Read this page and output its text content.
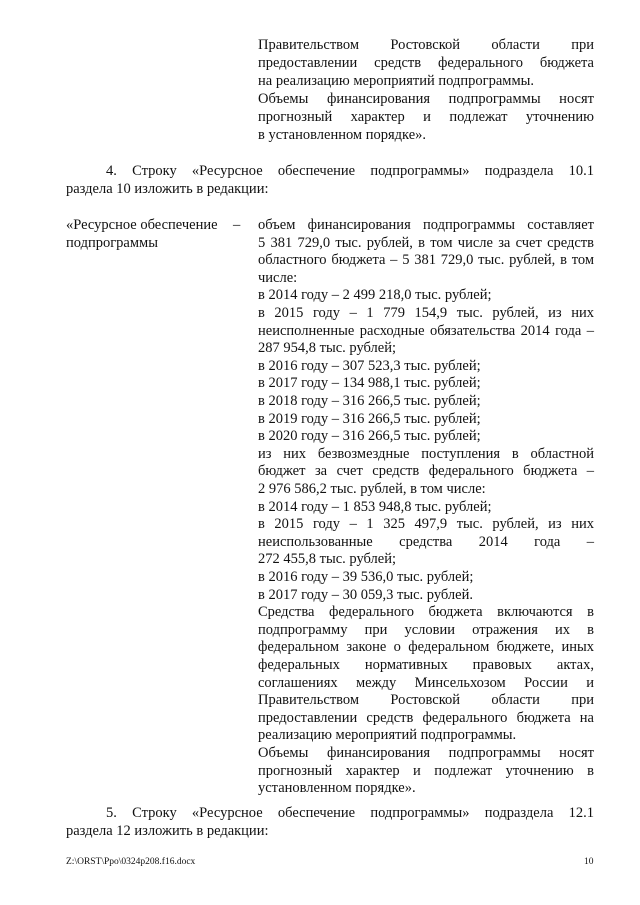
Правительством Ростовской области при
предоставлении средств федерального бюджета
на реализацию мероприятий подпрограммы.
Объемы финансирования подпрограммы носят
прогнозный характер и подлежат уточнению
в установленном порядке».
4. Строку «Ресурсное обеспечение подпрограммы» подраздела 10.1
раздела 10 изложить в редакции:
«Ресурсное обеспечение –
подпрограммы
объем финансирования подпрограммы составляет
5 381 729,0 тыс. рублей, в том числе за счет средств
областного бюджета – 5 381 729,0 тыс. рублей, в том
числе:
в 2014 году – 2 499 218,0 тыс. рублей;
в 2015 году – 1 779 154,9 тыс. рублей, из них
неисполненные расходные обязательства 2014 года –
287 954,8 тыс. рублей;
в 2016 году – 307 523,3 тыс. рублей;
в 2017 году – 134 988,1 тыс. рублей;
в 2018 году – 316 266,5 тыс. рублей;
в 2019 году – 316 266,5 тыс. рублей;
в 2020 году – 316 266,5 тыс. рублей;
из них безвозмездные поступления в областной
бюджет за счет средств федерального бюджета –
2 976 586,2 тыс. рублей, в том числе:
в 2014 году – 1 853 948,8 тыс. рублей;
в 2015 году – 1 325 497,9 тыс. рублей, из них
неиспользованные средства 2014 года –
272 455,8 тыс. рублей;
в 2016 году – 39 536,0 тыс. рублей;
в 2017 году – 30 059,3 тыс. рублей.
Средства федерального бюджета включаются в
подпрограмму при условии отражения их в
федеральном законе о федеральном бюджете, иных
федеральных нормативных правовых актах,
соглашениях между Минсельхозом России и
Правительством Ростовской области при
предоставлении средств федерального бюджета на
реализацию мероприятий подпрограммы.
Объемы финансирования подпрограммы носят
прогнозный характер и подлежат уточнению в
установленном порядке».
5. Строку «Ресурсное обеспечение подпрограммы» подраздела 12.1
раздела 12 изложить в редакции:
Z:\ORST\Ppo\0324p208.f16.docx	10
